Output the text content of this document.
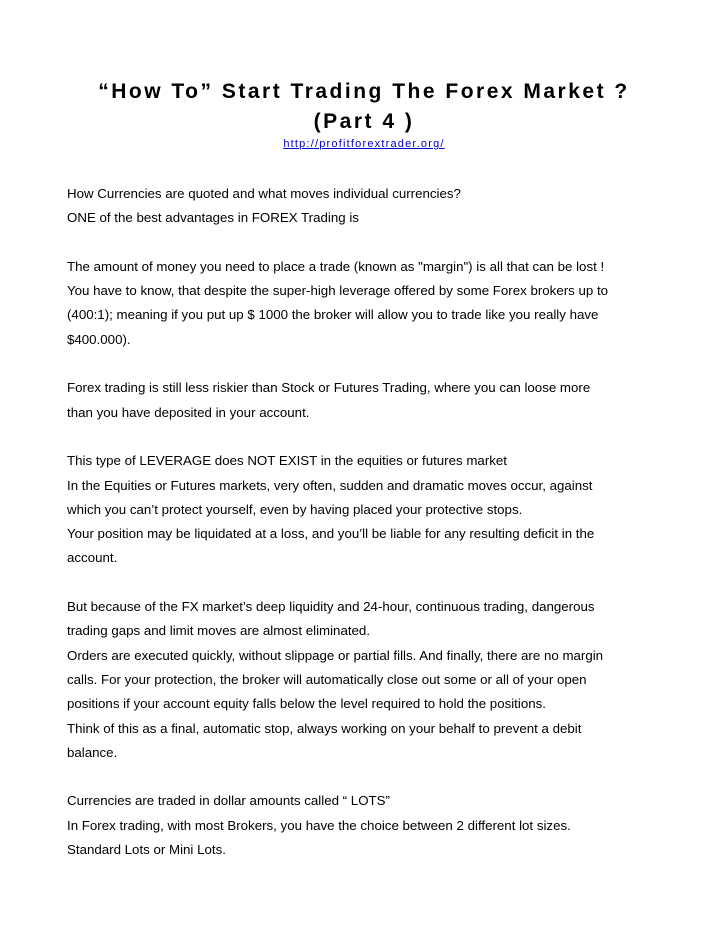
“How To” Start Trading The Forex Market ?
(Part 4 )
http://profitforextrader.org/
How Currencies are quoted and what moves individual currencies?
ONE of the best advantages in FOREX Trading is
The amount of money you need to place a trade (known as "margin") is all that can be lost !
You have to know, that despite the super-high leverage offered by some Forex brokers up to
(400:1); meaning if you put up $ 1000 the broker will allow you to trade like you really have
$400.000).
Forex trading is still less riskier than Stock or Futures Trading, where you can loose more
than you have deposited in your account.
This type of LEVERAGE does NOT EXIST in the equities or futures market
In the Equities or Futures markets, very often, sudden and dramatic moves occur, against
which you can’t protect yourself, even by having placed your protective stops.
Your position may be liquidated at a loss, and you’ll be liable for any resulting deficit in the
account.
But because of the FX market’s deep liquidity and 24-hour, continuous trading, dangerous
trading gaps and limit moves are almost eliminated.
Orders are executed quickly, without slippage or partial fills. And finally, there are no margin
calls. For your protection, the broker will automatically close out some or all of your open
positions if your account equity falls below the level required to hold the positions.
Think of this as a final, automatic stop, always working on your behalf to prevent a debit
balance.
Currencies are traded in dollar amounts called “ LOTS”
In Forex trading, with most Brokers, you have the choice between 2 different lot sizes.
Standard Lots or Mini Lots.
